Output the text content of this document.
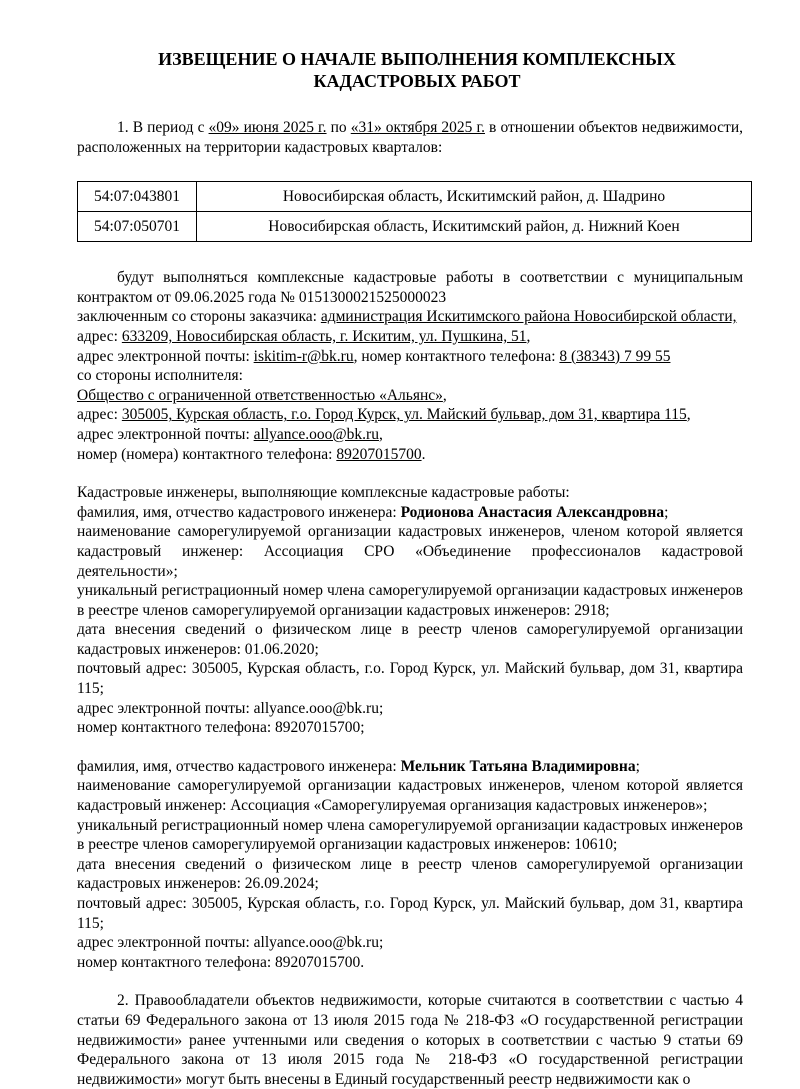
ИЗВЕЩЕНИЕ О НАЧАЛЕ ВЫПОЛНЕНИЯ КОМПЛЕКСНЫХ
КАДАСТРОВЫХ РАБОТ

1. В период с «09» июня 2025 г. по «31» октября 2025 г. в отношении объектов недвижимости, расположенных на территории кадастровых кварталов:

54:07:043801	Новосибирская область, Искитимский район, д. Шадрино
54:07:050701	Новосибирская область, Искитимский район, д. Нижний Коен

будут выполняться комплексные кадастровые работы в соответствии с муниципальным контрактом от 09.06.2025 года № 0151300021525000023

заключенным со стороны заказчика: администрация Искитимского района Новосибирской области,

адрес: 633209, Новосибирская область, г. Искитим, ул. Пушкина, 51,

адрес электронной почты: iskitim-r@bk.ru, номер контактного телефона: 8 (38343) 7 99 55

со стороны исполнителя:

Общество с ограниченной ответственностью «Альянс»,

адрес: 305005, Курская область, г.о. Город Курск, ул. Майский бульвар, дом 31, квартира 115,

адрес электронной почты: allyance.ooo@bk.ru,

номер (номера) контактного телефона: 89207015700.

Кадастровые инженеры, выполняющие комплексные кадастровые работы:

фамилия, имя, отчество кадастрового инженера: Родионова Анастасия Александровна;

наименование саморегулируемой организации кадастровых инженеров, членом которой является кадастровый инженер: Ассоциация СРО «Объединение профессионалов кадастровой деятельности»;

уникальный регистрационный номер члена саморегулируемой организации кадастровых инженеров в реестре членов саморегулируемой организации кадастровых инженеров: 2918;

дата внесения сведений о физическом лице в реестр членов саморегулируемой организации кадастровых инженеров: 01.06.2020;

почтовый адрес: 305005, Курская область, г.о. Город Курск, ул. Майский бульвар, дом 31, квартира 115;

адрес электронной почты: allyance.ooo@bk.ru;

номер контактного телефона: 89207015700;

фамилия, имя, отчество кадастрового инженера: Мельник Татьяна Владимировна;

наименование саморегулируемой организации кадастровых инженеров, членом которой является кадастровый инженер: Ассоциация «Саморегулируемая организация кадастровых инженеров»;

уникальный регистрационный номер члена саморегулируемой организации кадастровых инженеров в реестре членов саморегулируемой организации кадастровых инженеров: 10610;

дата внесения сведений о физическом лице в реестр членов саморегулируемой организации кадастровых инженеров: 26.09.2024;

почтовый адрес: 305005, Курская область, г.о. Город Курск, ул. Майский бульвар, дом 31, квартира 115;

адрес электронной почты: allyance.ooo@bk.ru;

номер контактного телефона: 89207015700.

2. Правообладатели объектов недвижимости, которые считаются в соответствии с частью 4 статьи 69 Федерального закона от 13 июля 2015 года № 218-ФЗ «О государственной регистрации недвижимости» ранее учтенными или сведения о которых в соответствии с частью 9 статьи 69 Федерального закона от 13 июля 2015 года № 218-ФЗ «О государственной регистрации недвижимости» могут быть внесены в Единый государственный реестр недвижимости как о
